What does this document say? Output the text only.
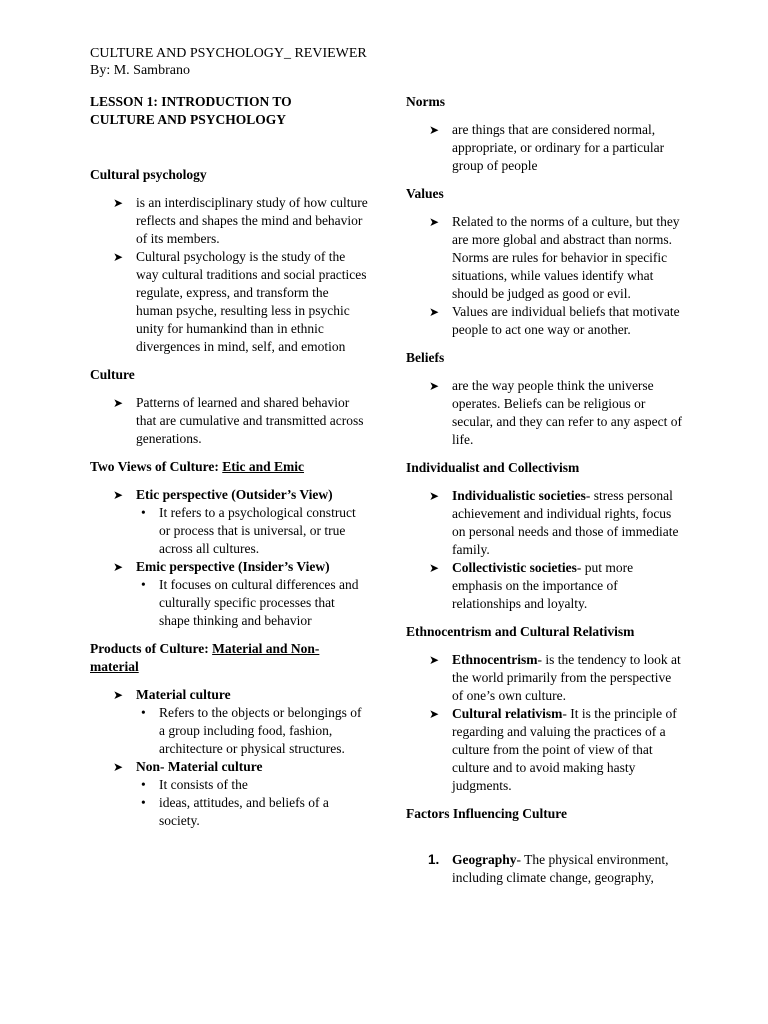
CULTURE AND PSYCHOLOGY_ REVIEWER
By: M. Sambrano
LESSON 1: INTRODUCTION TO
CULTURE AND PSYCHOLOGY
Cultural psychology
➤ is an interdisciplinary study of how culture reflects and shapes the mind and behavior of its members.
➤ Cultural psychology is the study of the way cultural traditions and social practices regulate, express, and transform the human psyche, resulting less in psychic unity for humankind than in ethnic divergences in mind, self, and emotion
Culture
➤ Patterns of learned and shared behavior that are cumulative and transmitted across generations.
Two Views of Culture: Etic and Emic
➤ Etic perspective (Outsider’s View)
• It refers to a psychological construct or process that is universal, or true across all cultures.
➤ Emic perspective (Insider’s View)
• It focuses on cultural differences and culturally specific processes that shape thinking and behavior
Products of Culture: Material and Non-material
➤ Material culture
• Refers to the objects or belongings of a group including food, fashion, architecture or physical structures.
➤ Non- Material culture
• It consists of the
• ideas, attitudes, and beliefs of a society.
Norms
➤ are things that are considered normal, appropriate, or ordinary for a particular group of people
Values
➤ Related to the norms of a culture, but they are more global and abstract than norms. Norms are rules for behavior in specific situations, while values identify what should be judged as good or evil.
➤ Values are individual beliefs that motivate people to act one way or another.
Beliefs
➤ are the way people think the universe operates. Beliefs can be religious or secular, and they can refer to any aspect of life.
Individualist and Collectivism
➤ Individualistic societies- stress personal achievement and individual rights, focus on personal needs and those of immediate family.
➤ Collectivistic societies- put more emphasis on the importance of relationships and loyalty.
Ethnocentrism and Cultural Relativism
➤ Ethnocentrism- is the tendency to look at the world primarily from the perspective of one’s own culture.
➤ Cultural relativism- It is the principle of regarding and valuing the practices of a culture from the point of view of that culture and to avoid making hasty judgments.
Factors Influencing Culture
1. Geography- The physical environment, including climate change, geography,
